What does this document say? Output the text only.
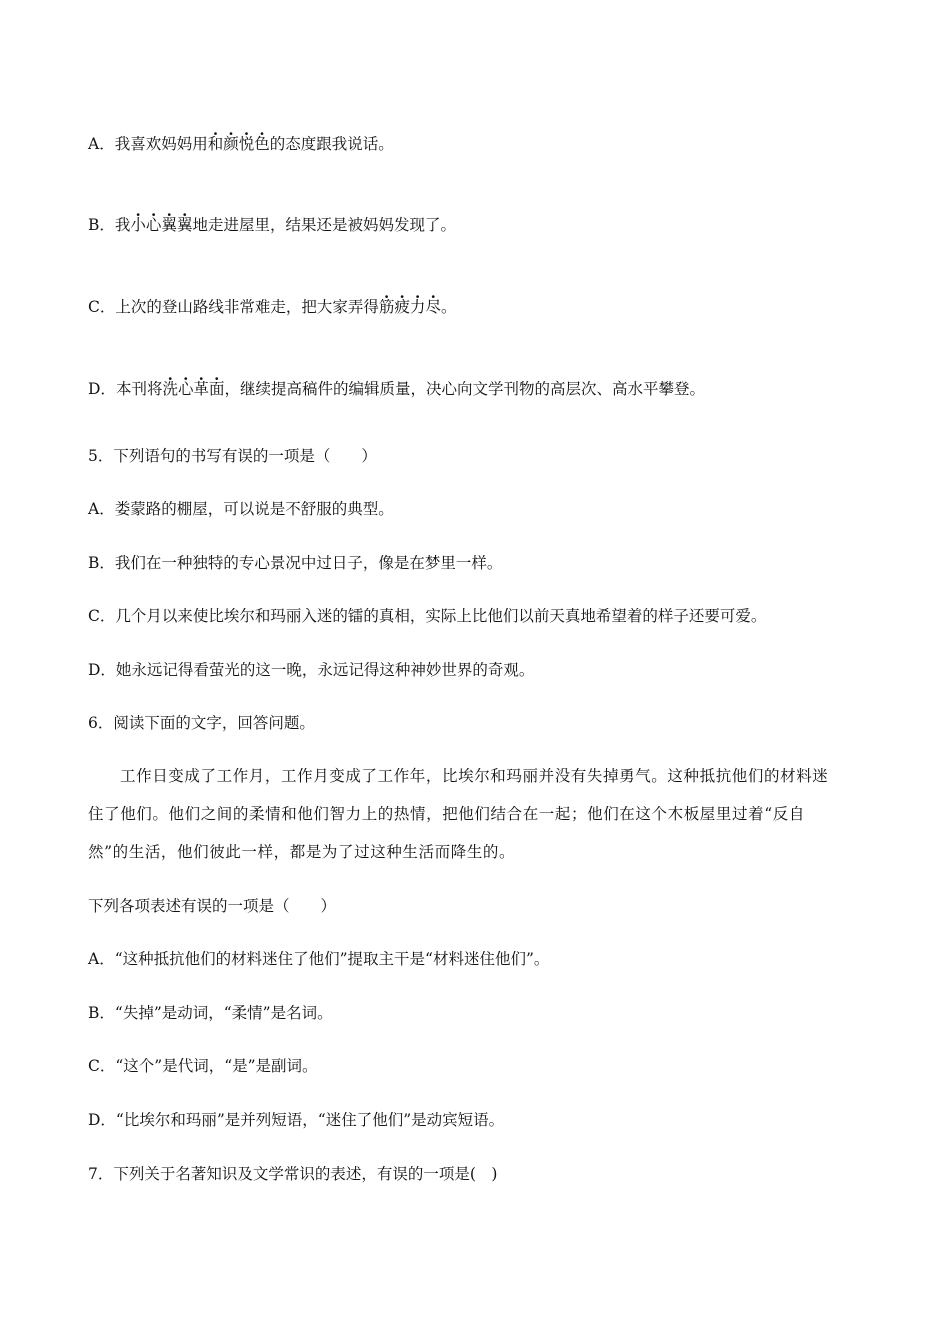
A．我喜欢妈妈用和颜悦色的态度跟我说话。
B．我小心翼翼地走进屋里，结果还是被妈妈发现了。
C．上次的登山路线非常难走，把大家弄得筋疲力尽。
D．本刊将洗心革面，继续提高稿件的编辑质量，决心向文学刊物的高层次、高水平攀登。
5．下列语句的书写有误的一项是（　　）
A．娄蒙路的棚屋，可以说是不舒服的典型。
B．我们在一种独特的专心景况中过日子，像是在梦里一样。
C．几个月以来使比埃尔和玛丽入迷的镭的真相，实际上比他们以前天真地希望着的样子还要可爱。
D．她永远记得看萤光的这一晚，永远记得这种神妙世界的奇观。
6．阅读下面的文字，回答问题。

工作日变成了工作月，工作月变成了工作年，比埃尔和玛丽并没有失掉勇气。这种抵抗他们的材料迷

住了他们。他们之间的柔情和他们智力上的热情，把他们结合在一起；他们在这个木板屋里过着“反自

然”的生活，他们彼此一样，都是为了过这种生活而降生的。

下列各项表述有误的一项是（　　）
A．“这种抵抗他们的材料迷住了他们”提取主干是“材料迷住他们”。
B．“失掉”是动词，“柔情”是名词。
C．“这个”是代词，“是”是副词。
D．“比埃尔和玛丽”是并列短语，“迷住了他们”是动宾短语。
7．下列关于名著知识及文学常识的表述，有误的一项是(　)
